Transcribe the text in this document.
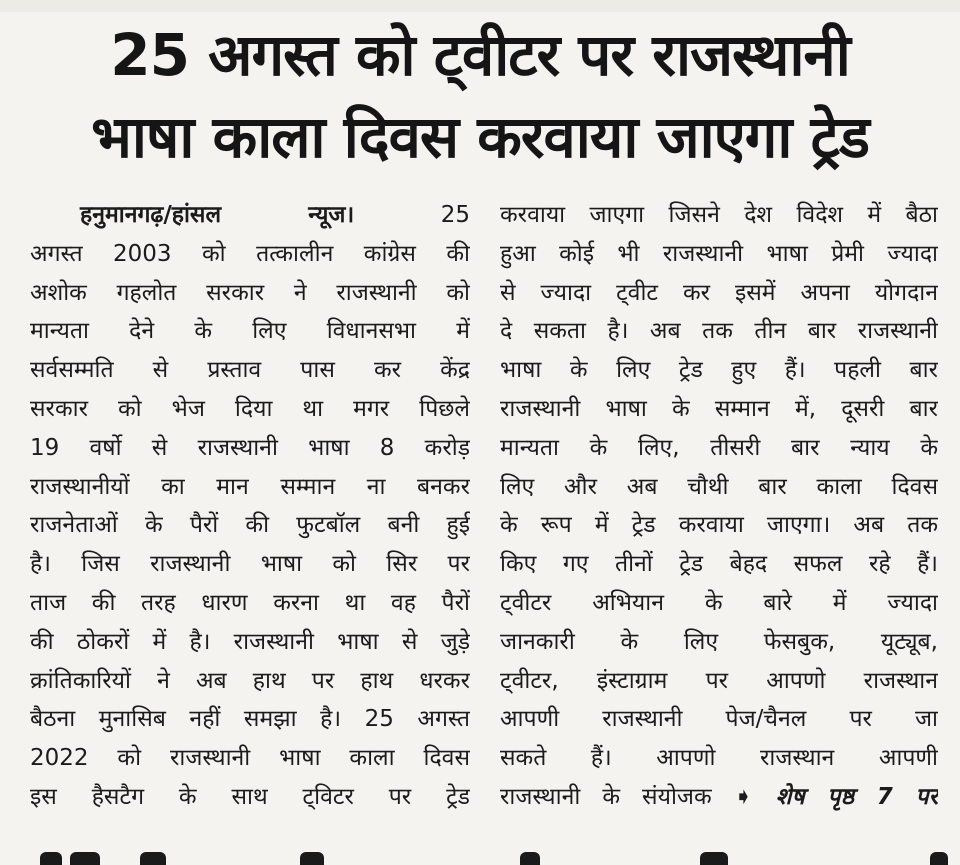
25 अगस्त को ट्वीटर पर राजस्थानी
भाषा काला दिवस करवाया जाएगा ट्रेड
हनुमानगढ़/हांसल न्यूज।	25
अगस्त 2003 को तत्कालीन कांग्रेस की
अशोक गहलोत सरकार ने राजस्थानी को
मान्यता देने के लिए विधानसभा में
सर्वसम्मति से प्रस्ताव पास कर केंद्र
सरकार को भेज दिया था मगर पिछले
19 वर्षो से राजस्थानी भाषा 8 करोड़
राजस्थानीयों का मान सम्मान ना बनकर
राजनेताओं के पैरों की फुटबॉल बनी हुई
है। जिस राजस्थानी भाषा को सिर पर
ताज की तरह धारण करना था वह पैरों
की ठोकरों में है। राजस्थानी भाषा से जुड़े
क्रांतिकारियों ने अब हाथ पर हाथ धरकर
बैठना मुनासिब नहीं समझा है। 25 अगस्त
2022 को राजस्थानी भाषा काला दिवस
इस हैसटैग के साथ ट्विटर पर ट्रेड
करवाया जाएगा जिसने देश विदेश में बैठा
हुआ कोई भी राजस्थानी भाषा प्रेमी ज्यादा
से ज्यादा ट्वीट कर इसमें अपना योगदान
दे सकता है। अब तक तीन बार राजस्थानी
भाषा के लिए ट्रेड हुए हैं। पहली बार
राजस्थानी भाषा के सम्मान में, दूसरी बार
मान्यता के लिए, तीसरी बार न्याय के
लिए और अब चौथी बार काला दिवस
के रूप में ट्रेड करवाया जाएगा। अब तक
किए गए तीनों ट्रेड बेहद सफल रहे हैं।
ट्वीटर अभियान के बारे में ज्यादा
जानकारी के लिए फेसबुक, यूट्यूब,
ट्वीटर, इंस्टाग्राम पर आपणो राजस्थान
आपणी राजस्थानी पेज/चैनल पर जा
सकते हैं। आपणो राजस्थान आपणी
राजस्थानी के संयोजक ➧ शेष पृष्ठ 7 पर
